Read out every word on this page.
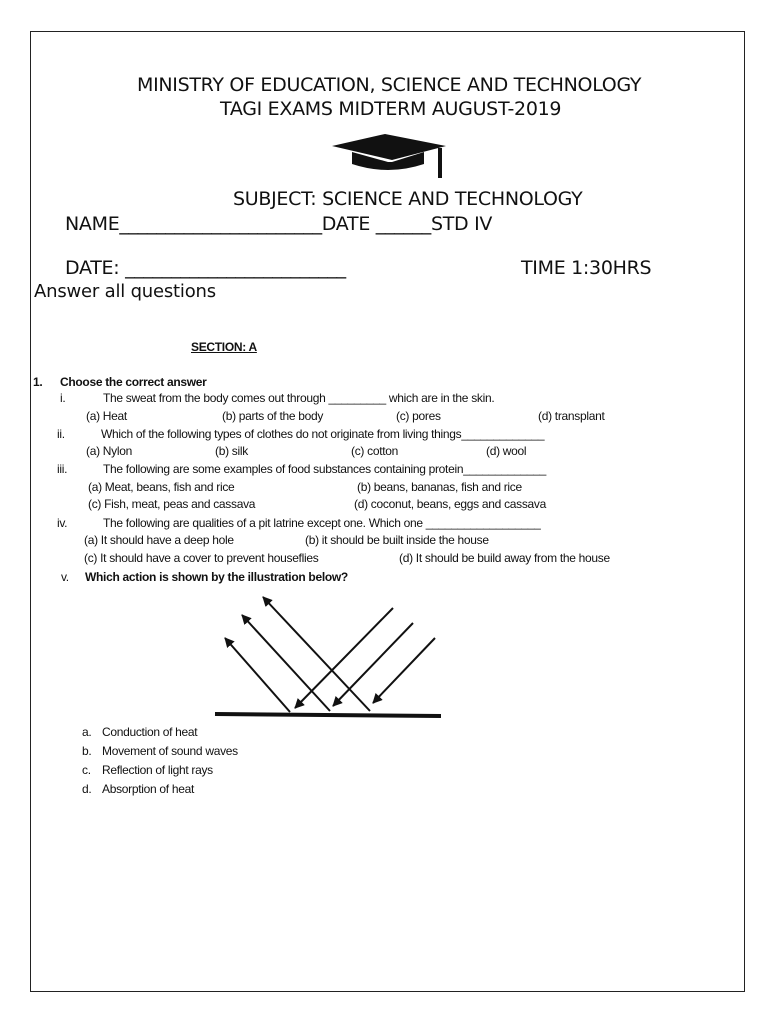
MINISTRY OF EDUCATION, SCIENCE AND TECHNOLOGY
TAGI EXAMS MIDTERM AUGUST-2019
SUBJECT: SCIENCE AND TECHNOLOGY
NAME______________________DATE ______STD IV
DATE: ________________________	TIME 1:30HRS
Answer all questions
SECTION: A
1. Choose the correct answer
i.	The sweat from the body comes out through _________ which are in the skin.
(a) Heat	(b) parts of the body	(c) pores	(d) transplant
ii.	Which of the following types of clothes do not originate from living things_____________
(a) Nylon	(b) silk	(c) cotton	(d) wool
iii.	The following are some examples of food substances containing protein_____________
(a) Meat, beans, fish and rice	(b) beans, bananas, fish and rice
(c) Fish, meat, peas and cassava	(d) coconut, beans, eggs and cassava
iv.	The following are qualities of a pit latrine except one. Which one __________________
(a) It should have a deep hole	(b) it should be built inside the house
(c) It should have a cover to prevent houseflies	(d) It should be build away from the house
v. Which action is shown by the illustration below?
a. Conduction of heat
b. Movement of sound waves
c. Reflection of light rays
d. Absorption of heat
